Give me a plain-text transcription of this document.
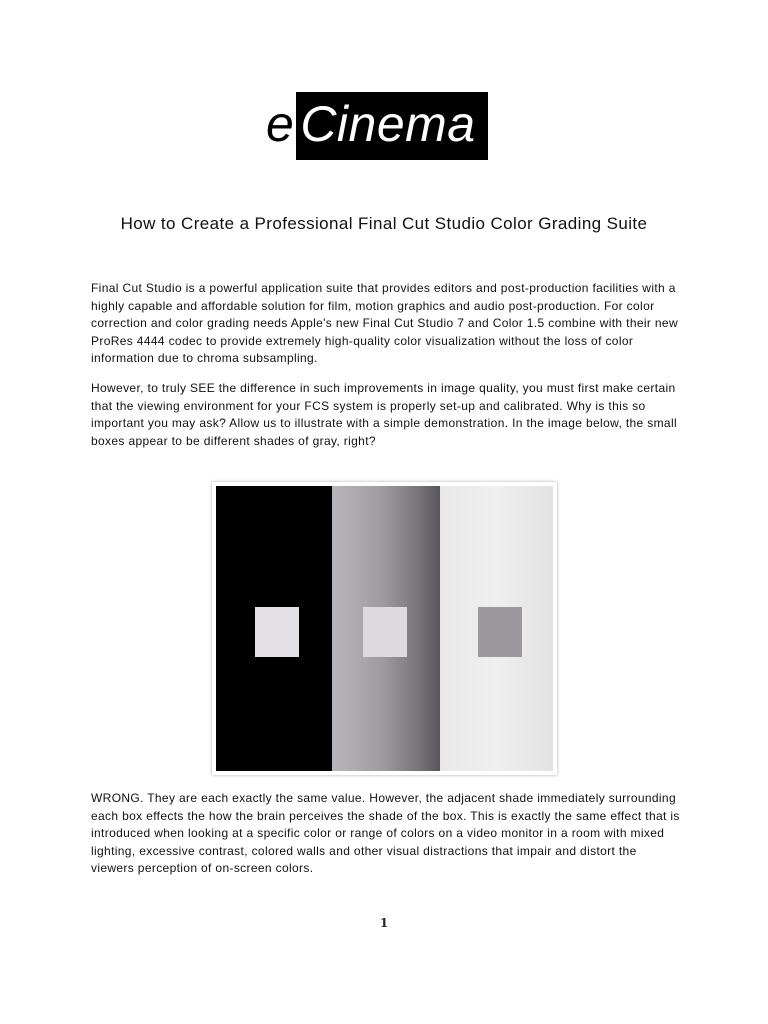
e Cinema
How to Create a Professional Final Cut Studio Color Grading Suite

Final Cut Studio is a powerful application suite that provides editors and post-production facilities with a highly capable and affordable solution for film, motion graphics and audio post-production. For color correction and color grading needs Apple's new Final Cut Studio 7 and Color 1.5 combine with their new ProRes 4444 codec to provide extremely high-quality color visualization without the loss of color information due to chroma subsampling.

However, to truly SEE the difference in such improvements in image quality, you must first make certain that the viewing environment for your FCS system is properly set-up and calibrated. Why is this so important you may ask? Allow us to illustrate with a simple demonstration. In the image below, the small boxes appear to be different shades of gray, right?

WRONG. They are each exactly the same value. However, the adjacent shade immediately surrounding each box effects the how the brain perceives the shade of the box. This is exactly the same effect that is introduced when looking at a specific color or range of colors on a video monitor in a room with mixed lighting, excessive contrast, colored walls and other visual distractions that impair and distort the viewers perception of on-screen colors.

1
